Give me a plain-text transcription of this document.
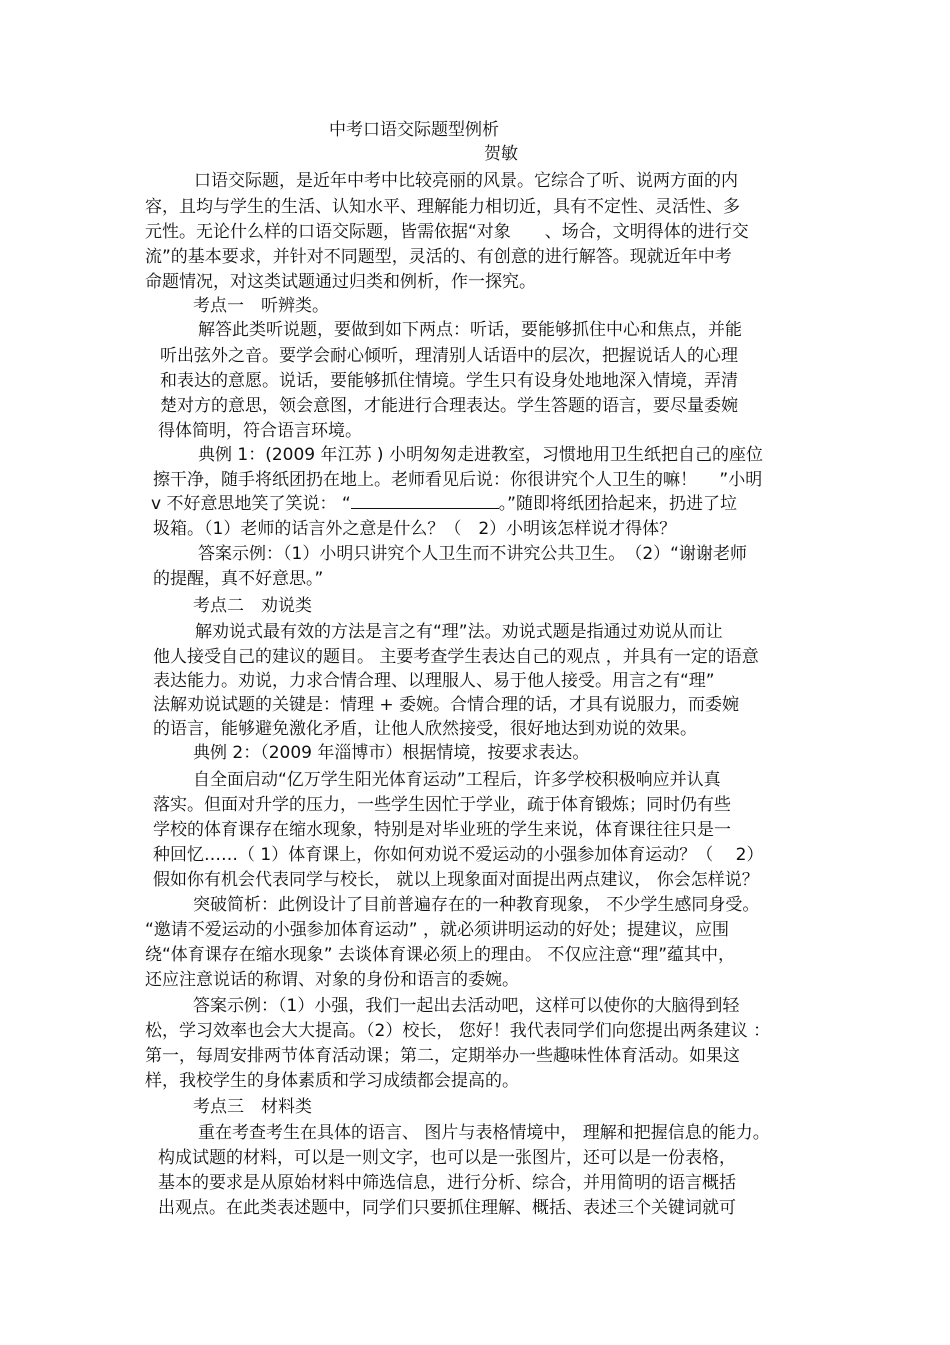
中考口语交际题型例析

贺敏

口语交际题，是近年中考中比较亮丽的风景。它综合了听、说两方面的内

容，且均与学生的生活、认知水平、理解能力相切近，具有不定性、灵活性、多

元性。无论什么样的口语交际题，皆需依据“对象　　、场合，文明得体的进行交

流”的基本要求，并针对不同题型，灵活的、有创意的进行解答。现就近年中考

命题情况，对这类试题通过归类和例析，作一探究。

考点一　听辨类。

解答此类听说题，要做到如下两点：听话，要能够抓住中心和焦点，并能

听出弦外之音。要学会耐心倾听，理清别人话语中的层次，把握说话人的心理

和表达的意愿。说话，要能够抓住情境。学生只有设身处地地深入情境，弄清

楚对方的意思，领会意图，才能进行合理表达。学生答题的语言，要尽量委婉

得体简明，符合语言环境。

典例 1：(2009 年江苏 ) 小明匆匆走进教室，习惯地用卫生纸把自己的座位

擦干净，随手将纸团扔在地上。老师看见后说：你很讲究个人卫生的嘛！　 ”小明

v 不好意思地笑了笑说： “	。”随即将纸团拾起来，扔进了垃

圾箱。（1）老师的话言外之意是什么？（　2）小明该怎样说才得体？

答案示例：（1）小明只讲究个人卫生而不讲究公共卫生。　（2）“谢谢老师

的提醒，真不好意思。”

考点二　劝说类

解劝说式最有效的方法是言之有“理”法。劝说式题是指通过劝说从而让

他人接受自己的建议的题目。 主要考查学生表达自己的观点 ，并具有一定的语意

表达能力。劝说，力求合情合理、以理服人、易于他人接受。用言之有“理”

法解劝说试题的关键是：情理 + 委婉。合情合理的话，才具有说服力，而委婉

的语言，能够避免激化矛盾，让他人欣然接受，很好地达到劝说的效果。

典例 2：（2009 年淄博市）根据情境，按要求表达。

自全面启动“亿万学生阳光体育运动”工程后，许多学校积极响应并认真

落实。但面对升学的压力，一些学生因忙于学业，疏于体育锻炼；同时仍有些

学校的体育课存在缩水现象，特别是对毕业班的学生来说，体育课往往只是一

种回忆……（ 1）体育课上，你如何劝说不爱运动的小强参加体育运动？（　 2）

假如你有机会代表同学与校长， 就以上现象面对面提出两点建议， 你会怎样说？

突破简析：此例设计了目前普遍存在的一种教育现象， 不少学生感同身受。

“邀请不爱运动的小强参加体育运动” ，就必须讲明运动的好处；提建议，应围

绕“体育课存在缩水现象” 去谈体育课必须上的理由。 不仅应注意“理”蕴其中，

还应注意说话的称谓、对象的身份和语言的委婉。

答案示例：（1）小强，我们一起出去活动吧，这样可以使你的大脑得到轻

松，学习效率也会大大提高。（2）校长， 您好！我代表同学们向您提出两条建议 ：

第一，每周安排两节体育活动课；第二，定期举办一些趣味性体育活动。如果这

样，我校学生的身体素质和学习成绩都会提高的。

考点三　材料类

重在考查考生在具体的语言、 图片与表格情境中， 理解和把握信息的能力。

构成试题的材料，可以是一则文字，也可以是一张图片，还可以是一份表格，

基本的要求是从原始材料中筛选信息，进行分析、综合，并用简明的语言概括

出观点。在此类表述题中，同学们只要抓住理解、概括、表述三个关键词就可
